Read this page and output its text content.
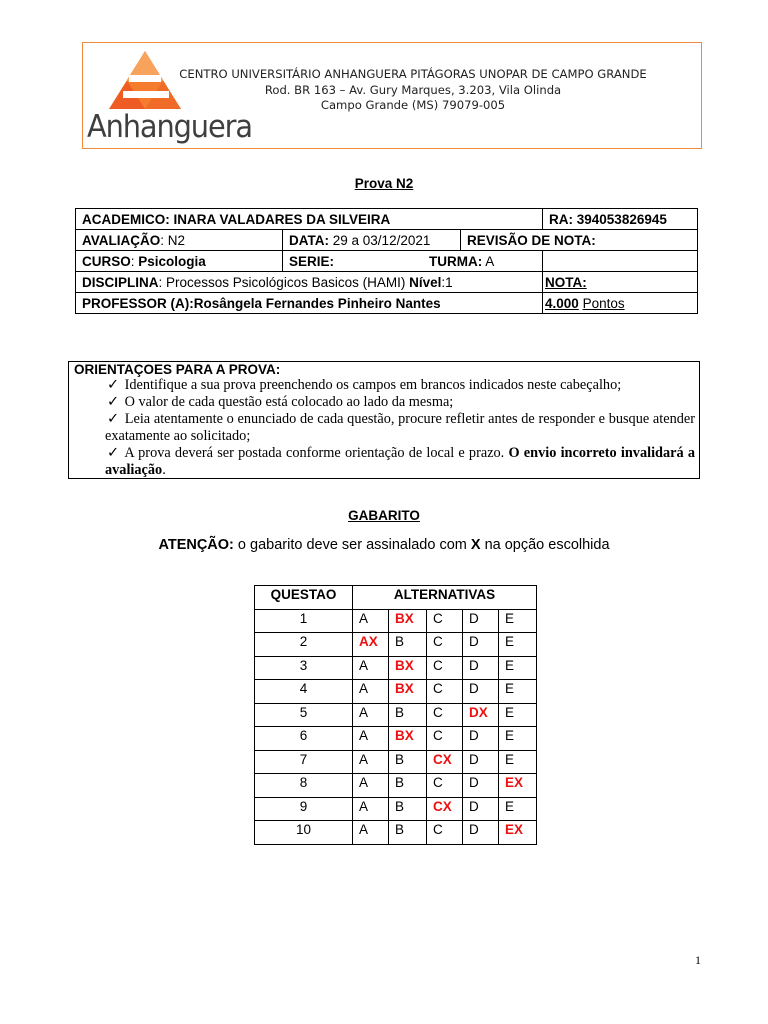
Anhanguera
CENTRO UNIVERSITÁRIO ANHANGUERA PITÁGORAS UNOPAR DE CAMPO GRANDE
Rod. BR 163 – Av. Gury Marques, 3.203, Vila Olinda
Campo Grande (MS) 79079-005
Prova N2
ACADEMICO: INARA VALADARES DA SILVEIRA			RA: 394053826945
AVALIAÇÃO: N2	DATA: 29 a 03/12/2021	REVISÃO DE NOTA:	
CURSO: Psicologia	SERIE:		TURMA: A
DISCIPLINA: Processos Psicológicos Basicos (HAMI) Nível:1			NOTA:
PROFESSOR (A):Rosângela Fernandes Pinheiro Nantes			4.000 Pontos
ORIENTAÇOES PARA A PROVA:
✓ Identifique a sua prova preenchendo os campos em brancos indicados neste cabeçalho;
✓ O valor de cada questão está colocado ao lado da mesma;
✓ Leia atentamente o enunciado de cada questão, procure refletir antes de responder e busque atender exatamente ao solicitado;
✓ A prova deverá ser postada conforme orientação de local e prazo. O envio incorreto invalidará a avaliação.
GABARITO
ATENÇÃO: o gabarito deve ser assinalado com X na opção escolhida
QUESTAO	ALTERNATIVAS				
1	A	BX	C	D	E
2	AX	B	C	D	E
3	A	BX	C	D	E
4	A	BX	C	D	E
5	A	B	C	DX	E
6	A	BX	C	D	E
7	A	B	CX	D	E
8	A	B	C	D	EX
9	A	B	CX	D	E
10	A	B	C	D	EX
1
